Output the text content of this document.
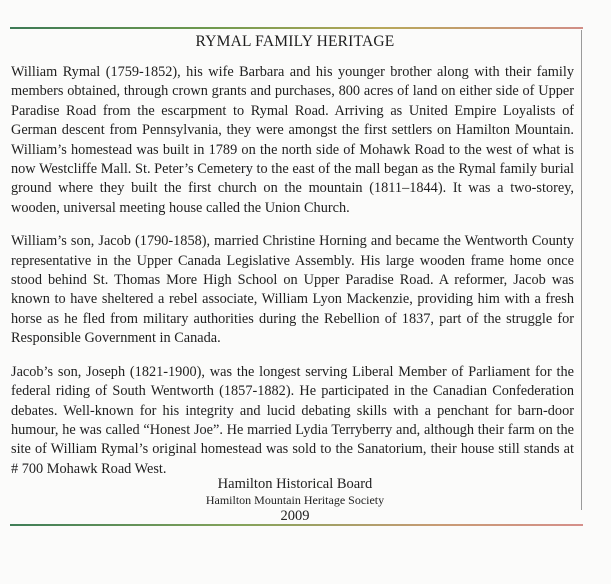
RYMAL FAMILY HERITAGE

William Rymal (1759-1852), his wife Barbara and his younger brother along with their family members obtained, through crown grants and purchases, 800 acres of land on either side of Upper Paradise Road from the escarpment to Rymal Road. Arriving as United Empire Loyalists of German descent from Pennsylvania, they were amongst the first settlers on Hamilton Mountain. William’s homestead was built in 1789 on the north side of Mohawk Road to the west of what is now Westcliffe Mall. St. Peter’s Cemetery to the east of the mall began as the Rymal family burial ground where they built the first church on the mountain (1811–1844). It was a two-storey, wooden, universal meeting house called the Union Church.

William’s son, Jacob (1790-1858), married Christine Horning and became the Wentworth County representative in the Upper Canada Legislative Assembly. His large wooden frame home once stood behind St. Thomas More High School on Upper Paradise Road. A reformer, Jacob was known to have sheltered a rebel associate, William Lyon Mackenzie, providing him with a fresh horse as he fled from military authorities during the Rebellion of 1837, part of the struggle for Responsible Government in Canada.

Jacob’s son, Joseph (1821-1900), was the longest serving Liberal Member of Parliament for the federal riding of South Wentworth (1857-1882). He participated in the Canadian Confederation debates. Well-known for his integrity and lucid debating skills with a penchant for barn-door humour, he was called “Honest Joe”. He married Lydia Terryberry and, although their farm on the site of William Rymal’s original homestead was sold to the Sanatorium, their house still stands at # 700 Mohawk Road West.

Hamilton Historical Board
Hamilton Mountain Heritage Society
2009
